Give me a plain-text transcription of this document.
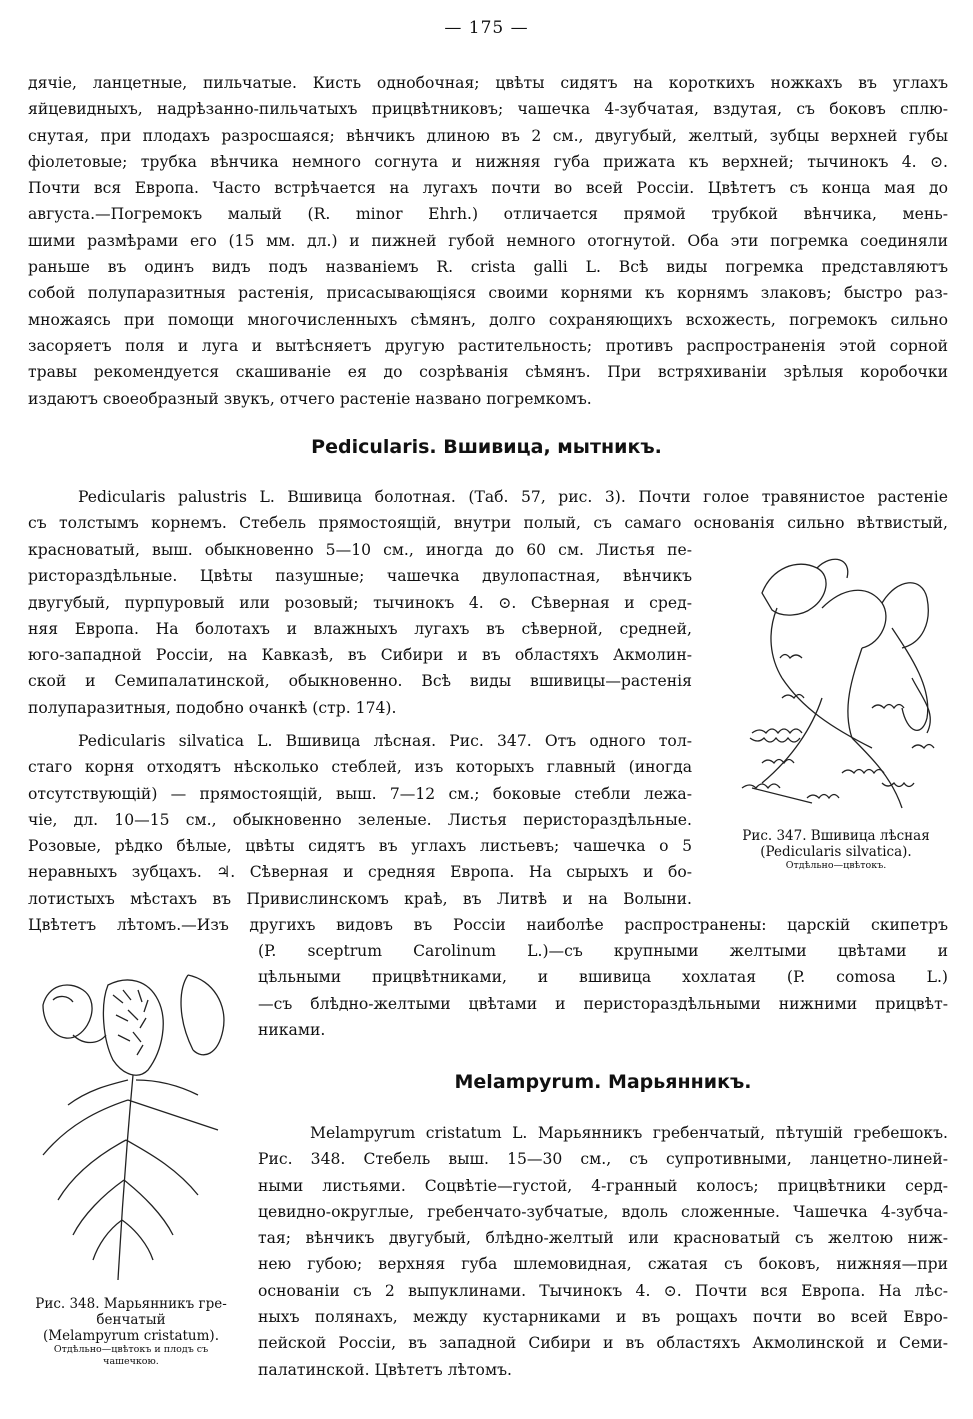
— 175 —
дячiе, ланцетные, пильчатые. Кисть однобочная; цвѣты сидятъ на короткихъ ножкахъ въ углахъ
яйцевидныхъ, надрѣзанно-пильчатыхъ прицвѣтниковъ; чашечка 4-зубчатая, вздутая, съ боковъ сплю-
снутая, при плодахъ разросшаяся; вѣнчикъ длиною въ 2 см., двугубый, желтый, зубцы верхней губы
фiолетовые; трубка вѣнчика немного согнута и нижняя губа прижата къ верхней; тычинокъ 4. ⊙.
Почти вся Европа. Часто встрѣчается на лугахъ почти во всей Россiи. Цвѣтетъ съ конца мая до
августа.—Погремокъ малый (R. minor Ehrh.) отличается прямой трубкой вѣнчика, мень-
шими размѣрами его (15 мм. дл.) и пижней губой немного отогнутой. Оба эти погремка соединяли
раньше въ одинъ видъ подъ названiемъ R. crista galli L. Всѣ виды погремка представляютъ
собой полупаразитныя растенiя, присасывающiяся своими корнями къ корнямъ злаковъ; быстро раз-
множаясь при помощи многочисленныхъ сѣмянъ, долго сохраняющихъ всхожесть, погремокъ сильно
засоряетъ поля и луга и вытѣсняетъ другую растительность; противъ распространенiя этой сорной
травы рекомендуется скашиванiе ея до созрѣванiя сѣмянъ. При встряхиванiи зрѣлыя коробочки
издаютъ своеобразный звукъ, отчего растенiе названо погремкомъ.
Pedicularis. Вшивица, мытникъ.
Pedicularis palustris L. Вшивица болотная. (Таб. 57, рис. 3). Почти голое травянистое растенiе
съ толстымъ корнемъ. Стебель прямостоящiй, внутри полый, съ самаго основанiя сильно вѣтвистый,
красноватый, выш. обыкновенно 5—10 см., иногда до 60 см. Листья пе-
ристораздѣльные. Цвѣты пазушные; чашечка двулопастная, вѣнчикъ
двугубый, пурпуровый или розовый; тычинокъ 4. ⊙. Сѣверная и сред-
няя Европа. На болотахъ и влажныхъ лугахъ въ сѣверной, средней,
юго-западной Россiи, на Кавказѣ, въ Сибири и въ областяхъ Акмолин-
ской и Семипалатинской, обыкновенно. Всѣ виды вшивицы—растенiя
полупаразитныя, подобно очанкѣ (стр. 174).
Pedicularis silvatica L. Вшивица лѣсная. Рис. 347. Отъ одного тол-
стаго корня отходятъ нѣсколько стеблей, изъ которыхъ главный (иногда
отсутствующiй) — прямостоящiй, выш. 7—12 см.; боковые стебли лежа-
чiе, дл. 10—15 см., обыкновенно зеленые. Листья перистораздѣльные.
Розовые, рѣдко бѣлые, цвѣты сидятъ въ углахъ листьевъ; чашечка о 5
неравныхъ зубцахъ. ♃. Сѣверная и средняя Европа. На сырыхъ и бо-
лотистыхъ мѣстахъ въ Привислинскомъ краѣ, въ Литвѣ и на Волыни.
Цвѣтетъ лѣтомъ.—Изъ другихъ видовъ въ Россiи наиболѣе распространены: царскiй скипетръ
(P. sceptrum Carolinum L.)—съ крупными желтыми цвѣтами и
цѣльными прицвѣтниками, и вшивица хохлатая (P. comosa L.)
—съ блѣдно-желтыми цвѣтами и перистораздѣльными нижними прицвѣт-
никами.
Рис. 347. Вшивица лѣсная
(Pedicularis silvatica).
Отдѣльно—цвѣтокъ.
Рис. 348. Марьянникъ гре-
бенчатый
(Melampyrum cristatum).
Отдѣльно—цвѣтокъ и плодъ съ
чашечкою.
Melampyrum. Марьянникъ.
Melampyrum cristatum L. Марьянникъ гребенчатый, пѣтушiй гребешокъ.
Рис. 348. Стебель выш. 15—30 см., съ супротивными, ланцетно-линей-
ными листьями. Соцвѣтiе—густой, 4-гранный колосъ; прицвѣтники серд-
цевидно-округлые, гребенчато-зубчатые, вдоль сложенные. Чашечка 4-зубча-
тая; вѣнчикъ двугубый, блѣдно-желтый или красноватый съ желтою ниж-
нею губою; верхняя губа шлемовидная, сжатая съ боковъ, нижняя—при
основанiи съ 2 выпуклинами. Тычинокъ 4. ⊙. Почти вся Европа. На лѣс-
ныхъ полянахъ, между кустарниками и въ рощахъ почти во всей Евро-
пейской Россiи, въ западной Сибири и въ областяхъ Акмолинской и Семи-
палатинской. Цвѣтетъ лѣтомъ.
